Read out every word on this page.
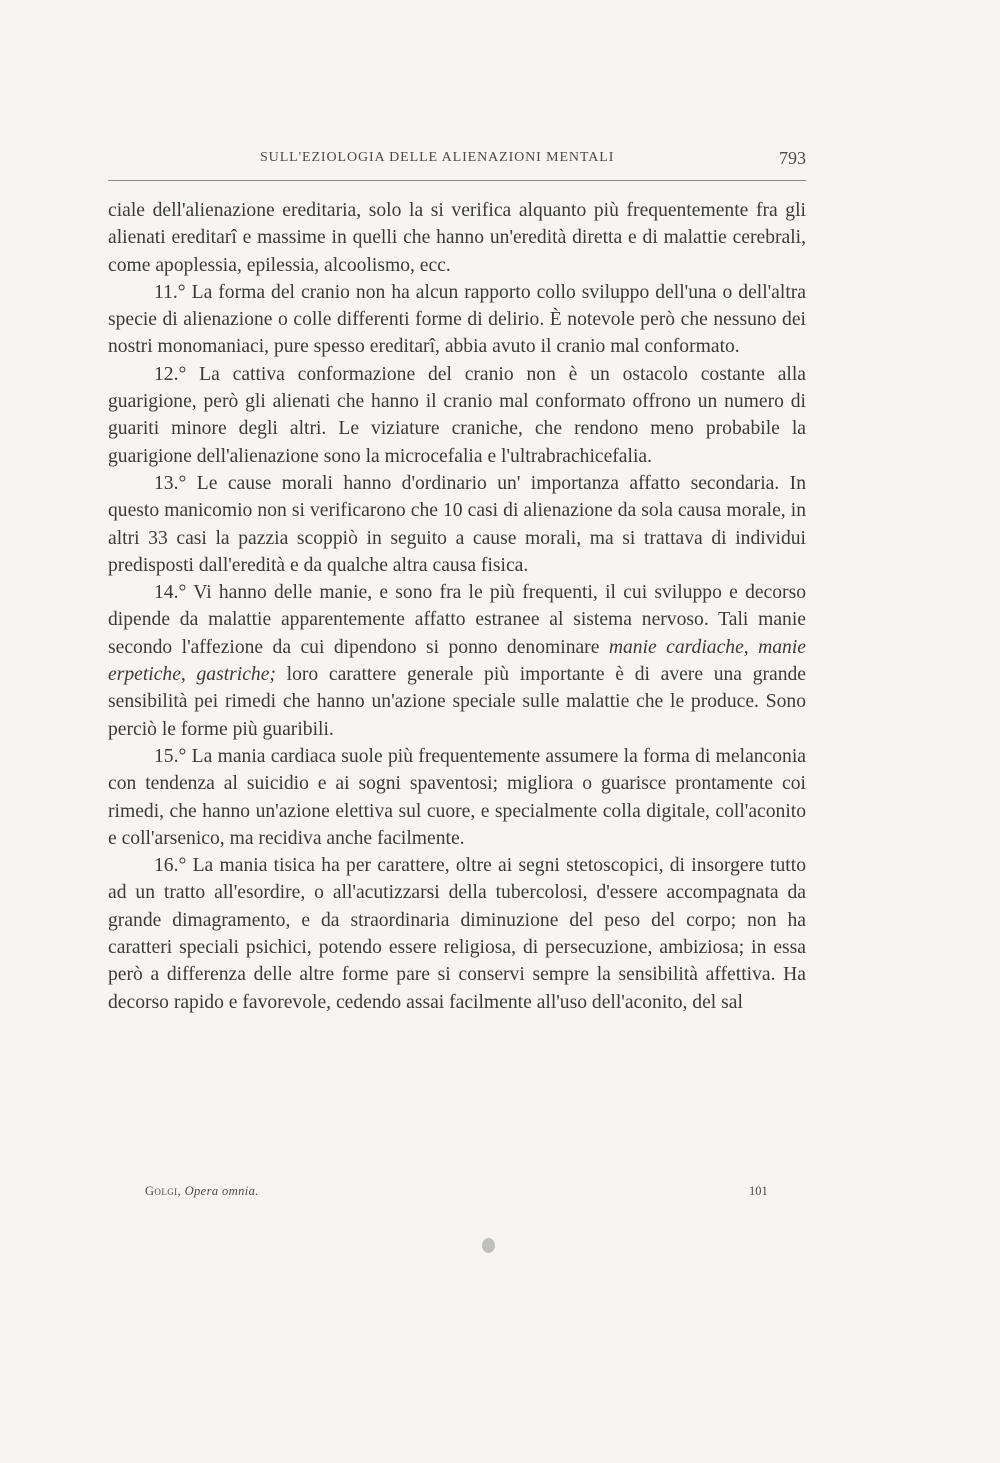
SULL'EZIOLOGIA DELLE ALIENAZIONI MENTALI	793

ciale dell'alienazione ereditaria, solo la si verifica alquanto più frequentemente fra gli alienati ereditarî e massime in quelli che hanno un'eredità diretta e di malattie cerebrali, come apoplessia, epilessia, alcoolismo, ecc.

11.° La forma del cranio non ha alcun rapporto collo sviluppo dell'una o dell'altra specie di alienazione o colle differenti forme di delirio. È notevole però che nessuno dei nostri monomaniaci, pure spesso ereditarî, abbia avuto il cranio mal conformato.

12.° La cattiva conformazione del cranio non è un ostacolo costante alla guarigione, però gli alienati che hanno il cranio mal conformato offrono un numero di guariti minore degli altri. Le viziature craniche, che rendono meno probabile la guarigione dell'alienazione sono la microcefalia e l'ultrabrachicefalia.

13.° Le cause morali hanno d'ordinario un' importanza affatto secondaria. In questo manicomio non si verificarono che 10 casi di alienazione da sola causa morale, in altri 33 casi la pazzia scoppiò in seguito a cause morali, ma si trattava di individui predisposti dall'eredità e da qualche altra causa fisica.

14.° Vi hanno delle manie, e sono fra le più frequenti, il cui sviluppo e decorso dipende da malattie apparentemente affatto estranee al sistema nervoso. Tali manie secondo l'affezione da cui dipendono si ponno denominare manie cardiache, manie erpetiche, gastriche; loro carattere generale più importante è di avere una grande sensibilità pei rimedi che hanno un'azione speciale sulle malattie che le produce. Sono perciò le forme più guaribili.

15.° La mania cardiaca suole più frequentemente assumere la forma di melanconia con tendenza al suicidio e ai sogni spaventosi; migliora o guarisce prontamente coi rimedi, che hanno un'azione elettiva sul cuore, e specialmente colla digitale, coll'aconito e coll'arsenico, ma recidiva anche facilmente.

16.° La mania tisica ha per carattere, oltre ai segni stetoscopici, di insorgere tutto ad un tratto all'esordire, o all'acutizzarsi della tubercolosi, d'essere accompagnata da grande dimagramento, e da straordinaria diminuzione del peso del corpo; non ha caratteri speciali psichici, potendo essere religiosa, di persecuzione, ambiziosa; in essa però a differenza delle altre forme pare si conservi sempre la sensibilità affettiva. Ha decorso rapido e favorevole, cedendo assai facilmente all'uso dell'aconito, del sal

Golgi, Opera omnia.	101
